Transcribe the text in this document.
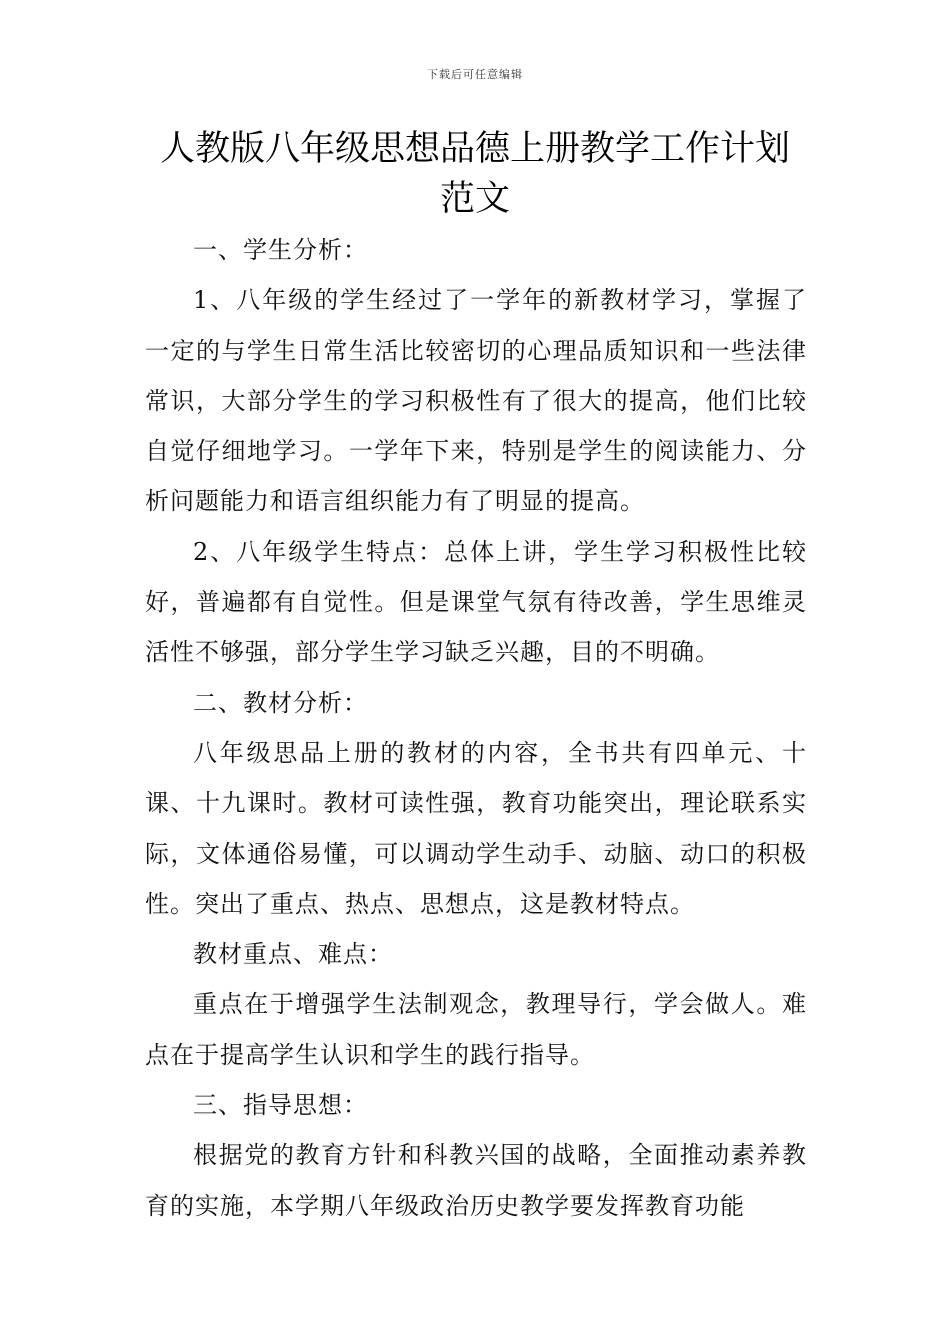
下载后可任意编辑
人教版八年级思想品德上册教学工作计划
范文

一、学生分析：

1、八年级的学生经过了一学年的新教材学习，掌握了一定的与学生日常生活比较密切的心理品质知识和一些法律常识，大部分学生的学习积极性有了很大的提高，他们比较自觉仔细地学习。一学年下来，特别是学生的阅读能力、分析问题能力和语言组织能力有了明显的提高。

2、八年级学生特点：总体上讲，学生学习积极性比较好，普遍都有自觉性。但是课堂气氛有待改善，学生思维灵活性不够强，部分学生学习缺乏兴趣，目的不明确。

二、教材分析：

八年级思品上册的教材的内容，全书共有四单元、十课、十九课时。教材可读性强，教育功能突出，理论联系实际，文体通俗易懂，可以调动学生动手、动脑、动口的积极性。突出了重点、热点、思想点，这是教材特点。

教材重点、难点：

重点在于增强学生法制观念，教理导行，学会做人。难点在于提高学生认识和学生的践行指导。

三、指导思想：

根据党的教育方针和科教兴国的战略，全面推动素养教育的实施，本学期八年级政治历史教学要发挥教育功能
